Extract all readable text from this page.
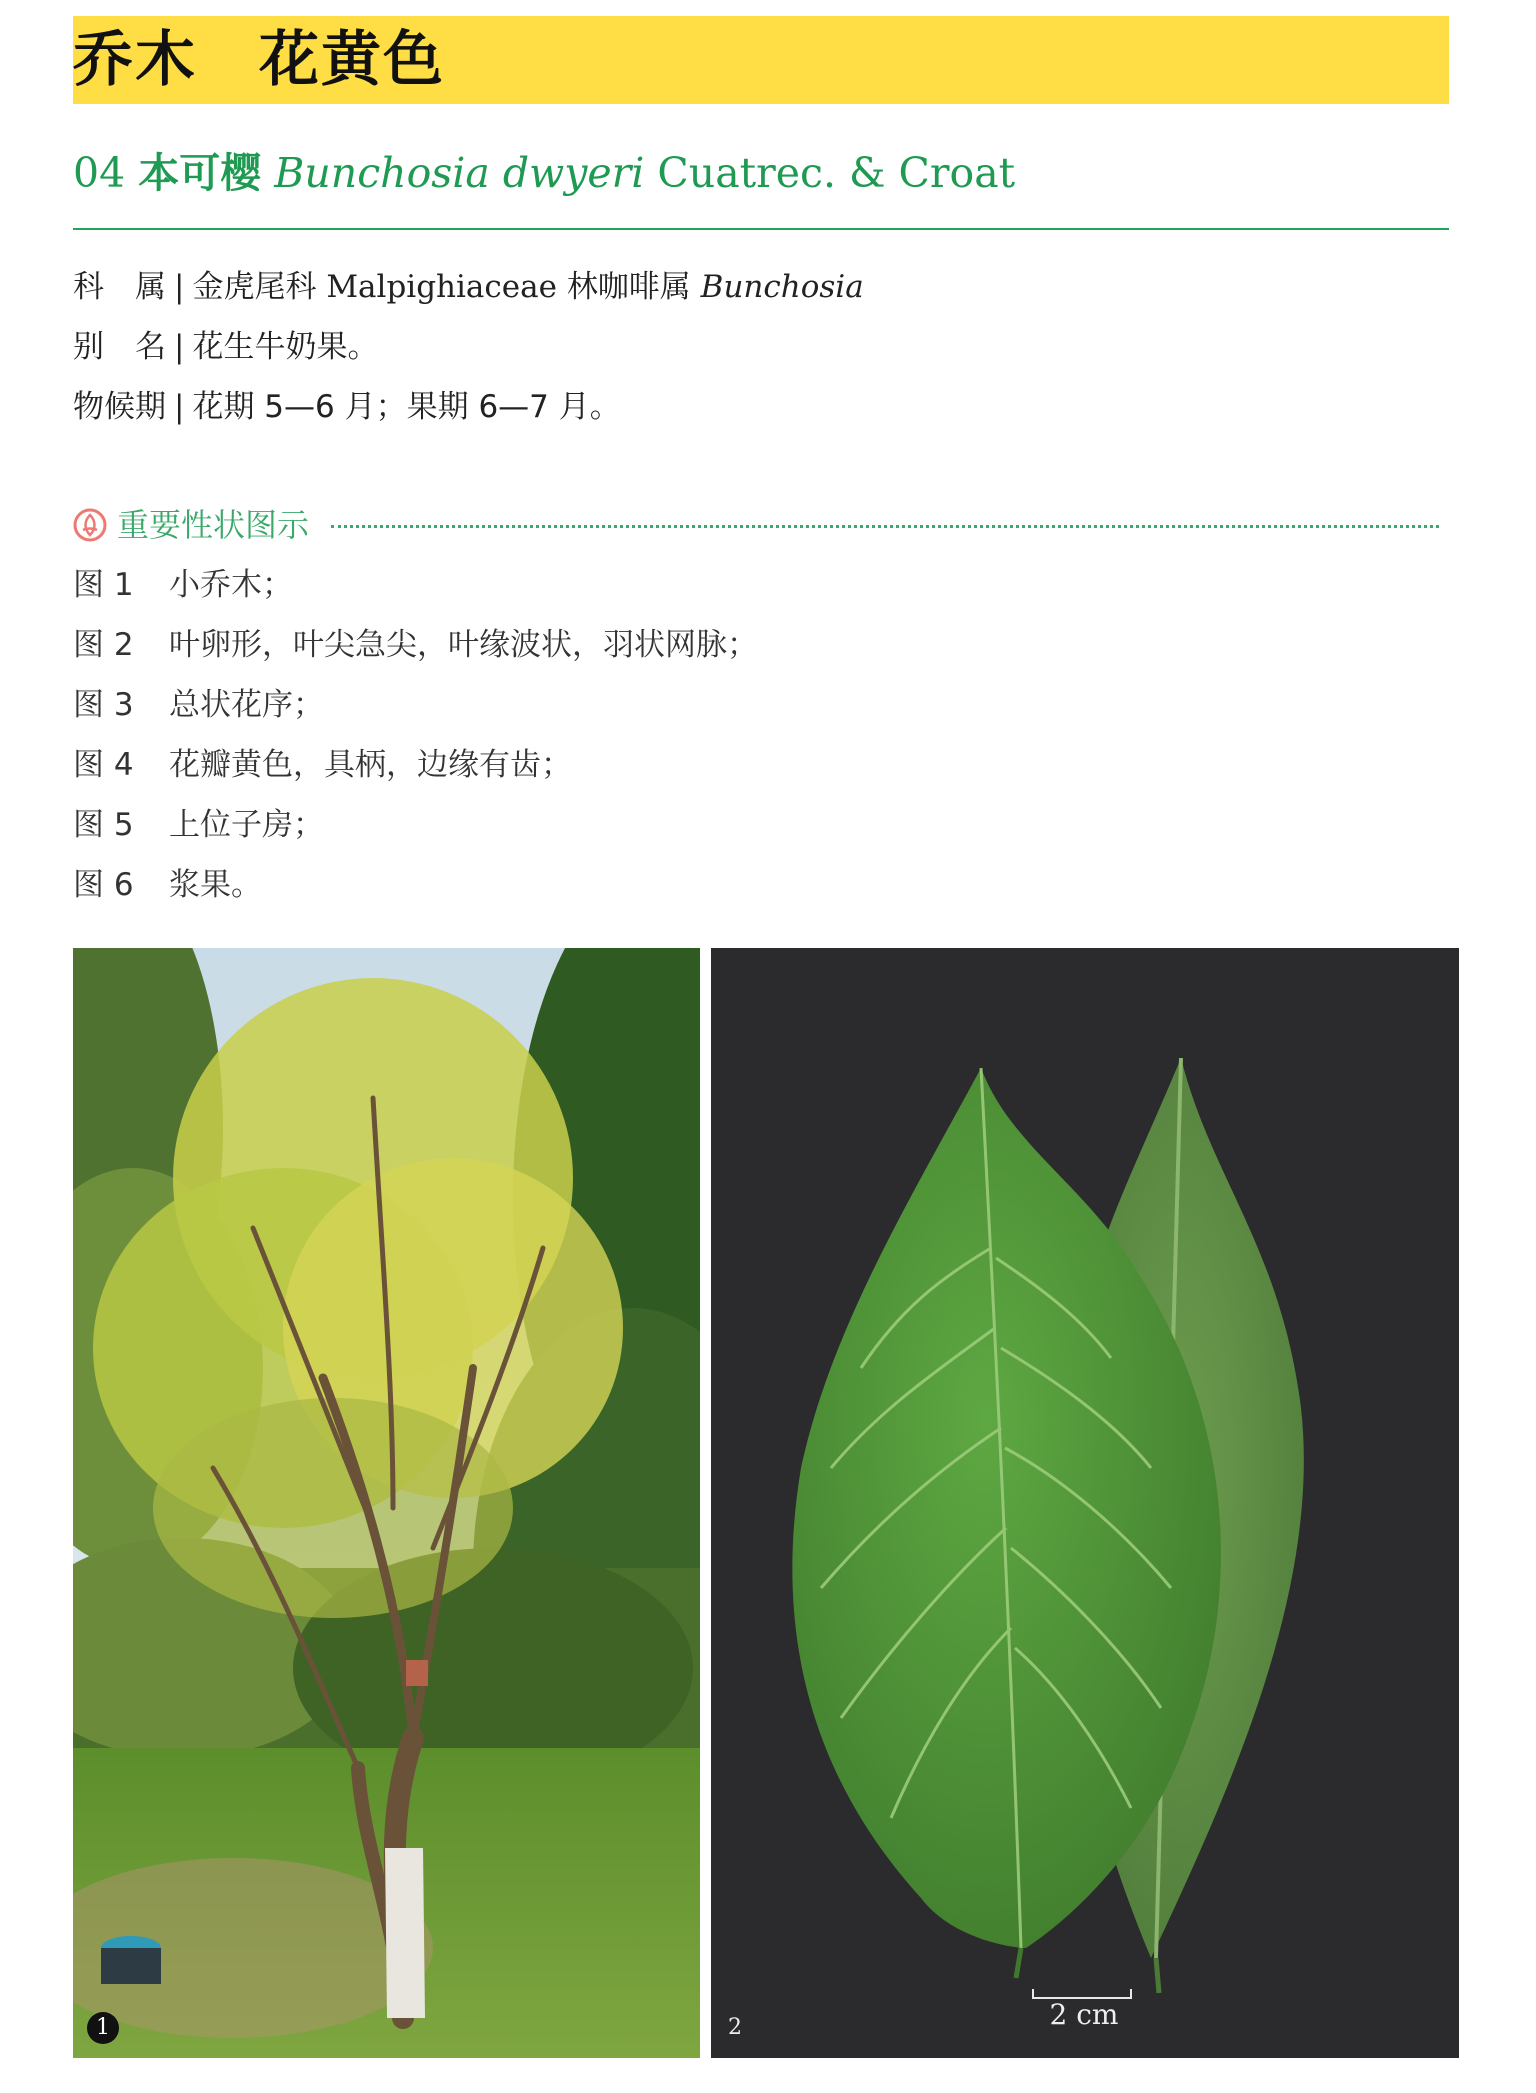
乔木 花黄色
04 本可樱 Bunchosia dwyeri Cuatrec. & Croat
科　属 | 金虎尾科 Malpighiaceae 林咖啡属 Bunchosia
别　名 | 花生牛奶果。
物候期 | 花期 5—6 月；果期 6—7 月。
重要性状图示
图 1 小乔木；
图 2 叶卵形，叶尖急尖，叶缘波状，羽状网脉；
图 3 总状花序；
图 4 花瓣黄色，具柄，边缘有齿；
图 5 上位子房；
图 6 浆果。
1	2	2 cm
